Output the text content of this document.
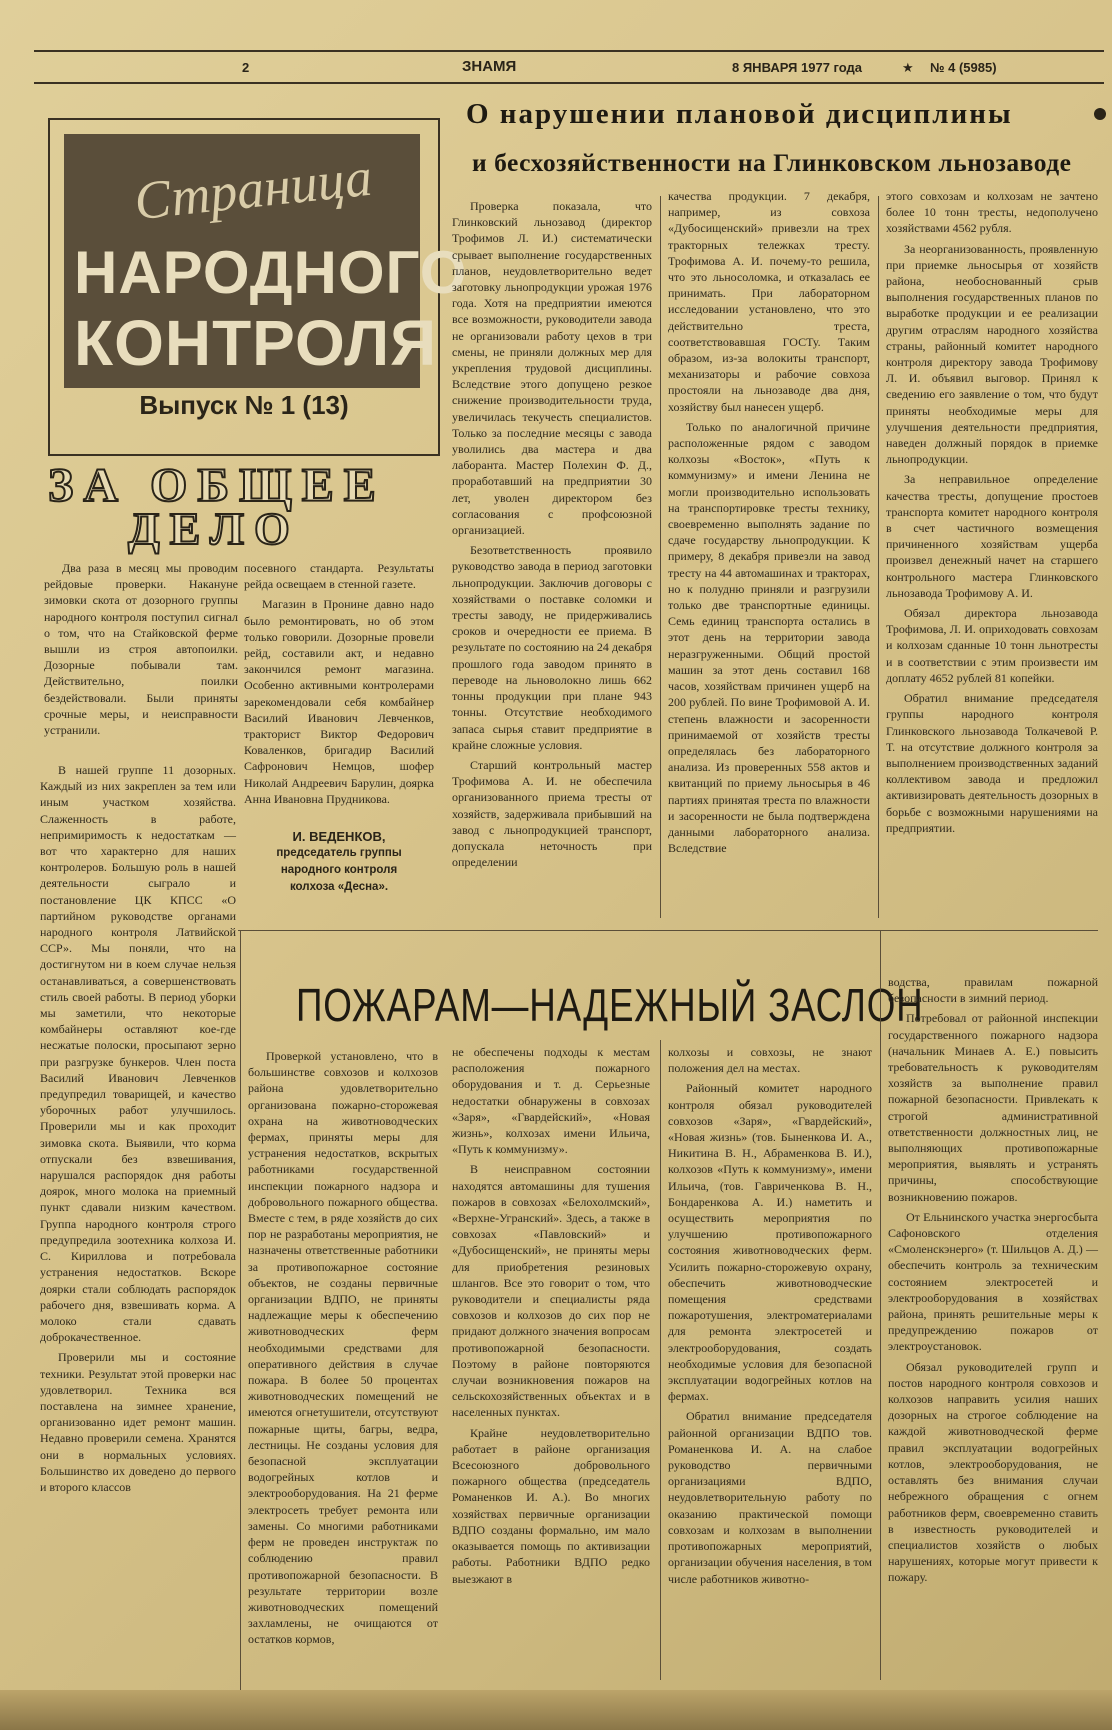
2	ЗНАМЯ	8 ЯНВАРЯ 1977 года	★ № 4 (5985)
Страница
НАРОДНОГО
КОНТРОЛЯ
Выпуск № 1 (13)
О нарушении плановой дисциплины
и бесхозяйственности на Глинковском льнозаводе

Проверка показала, что Глинковский льнозавод (директор Трофимов Л. И.) систематически срывает выполнение государственных планов, неудовлетворительно ведет заготовку льнопродукции урожая 1976 года. Хотя на предприятии имеются все возможности, руководители завода не организовали работу цехов в три смены, не приняли должных мер для укрепления трудовой дисциплины. Вследствие этого допущено резкое снижение производительности труда, увеличилась текучесть специалистов. Только за последние месяцы с завода уволились два мастера и два лаборанта. Мастер Полехин Ф. Д., проработавший на предприятии 30 лет, уволен директором без согласования с профсоюзной организацией.

Безответственность проявило руководство завода в период заготовки льнопродукции. Заключив договоры с хозяйствами о поставке соломки и тресты заводу, не придерживались сроков и очередности ее приема. В результате по состоянию на 24 декабря прошлого года заводом принято в переводе на льноволокно лишь 662 тонны продукции при плане 943 тонны. Отсутствие необходимого запаса сырья ставит предприятие в крайне сложные условия.

Старший контрольный мастер Трофимова А. И. не обеспечила организованного приема тресты от хозяйств, задерживала прибывший на завод с льнопродукцией транспорт, допускала неточность при определении

качества продукции. 7 декабря, например, из совхоза «Дубосищенский» привезли на трех тракторных тележках тресту. Трофимова А. И. почему-то решила, что это льносоломка, и отказалась ее принимать. При лабораторном исследовании установлено, что это действительно треста, соответствовавшая ГОСТу. Таким образом, из-за волокиты транспорт, механизаторы и рабочие совхоза простояли на льнозаводе два дня, хозяйству был нанесен ущерб.

Только по аналогичной причине расположенные рядом с заводом колхозы «Восток», «Путь к коммунизму» и имени Ленина не могли производительно использовать на транспортировке тресты технику, своевременно выполнять задание по сдаче государству льнопродукции. К примеру, 8 декабря привезли на завод тресту на 44 автомашинах и тракторах, но к полудню приняли и разгрузили только две транспортные единицы. Семь единиц транспорта остались в этот день на территории завода неразгруженными. Общий простой машин за этот день составил 168 часов, хозяйствам причинен ущерб на 200 рублей. По вине Трофимовой А. И. степень влажности и засоренности принимаемой от хозяйств тресты определялась без лабораторного анализа. Из проверенных 558 актов и квитанций по приему льносырья в 46 партиях принятая треста по влажности и засоренности не была подтверждена данными лабораторного анализа. Вследствие

этого совхозам и колхозам не зачтено более 10 тонн тресты, недополучено хозяйствами 4562 рубля.

За неорганизованность, проявленную при приемке льносырья от хозяйств района, необоснованный срыв выполнения государственных планов по выработке продукции и ее реализации другим отраслям народного хозяйства страны, районный комитет народного контроля директору завода Трофимову Л. И. объявил выговор. Принял к сведению его заявление о том, что будут приняты необходимые меры для улучшения деятельности предприятия, наведен должный порядок в приемке льнопродукции.

За неправильное определение качества тресты, допущение простоев транспорта комитет народного контроля в счет частичного возмещения причиненного хозяйствам ущерба произвел денежный начет на старшего контрольного мастера Глинковского льнозавода Трофимову А. И.

Обязал директора льнозавода Трофимова, Л. И. оприходовать совхозам и колхозам сданные 10 тонн льнотресты и в соответствии с этим произвести им доплату 4652 рублей 81 копейки.

Обратил внимание председателя группы народного контроля Глинковского льнозавода Толкачевой Р. Т. на отсутствие должного контроля за выполнением производственных заданий коллективом завода и предложил активизировать деятельность дозорных в борьбе с возможными нарушениями на предприятии.

ЗА ОБЩЕЕ
ДЕЛО

Два раза в месяц мы проводим рейдовые проверки. Накануне зимовки скота от дозорного группы народного контроля поступил сигнал о том, что на Стайковской ферме вышли из строя автопоилки. Дозорные побывали там. Действительно, поилки бездействовали. Были приняты срочные меры, и неисправности устранили.

посевного стандарта. Результаты рейда освещаем в стенной газете.

Магазин в Пронине давно надо было ремонтировать, но об этом только говорили. Дозорные провели рейд, составили акт, и недавно закончился ремонт магазина. Особенно активными контролерами зарекомендовали себя комбайнер Василий Иванович Левченков, тракторист Виктор Федорович Коваленков, бригадир Василий Сафронович Немцов, шофер Николай Андреевич Барулин, доярка Анна Ивановна Прудникова.

И. ВЕДЕНКОВ,
председатель группы
народного контроля
колхоза «Десна».

В нашей группе 11 дозорных. Каждый из них закреплен за тем или иным участком хозяйства. Слаженность в работе, непримиримость к недостаткам — вот что характерно для наших контролеров. Большую роль в нашей деятельности сыграло и постановление ЦК КПСС «О партийном руководстве органами народного контроля Латвийской ССР». Мы поняли, что на достигнутом ни в коем случае нельзя останавливаться, а совершенствовать стиль своей работы. В период уборки мы заметили, что некоторые комбайнеры оставляют кое-где несжатые полоски, просыпают зерно при разгрузке бункеров. Член поста Василий Иванович Левченков предупредил товарищей, и качество уборочных работ улучшилось. Проверили мы и как проходит зимовка скота. Выявили, что корма отпускали без взвешивания, нарушался распорядок дня работы доярок, много молока на приемный пункт сдавали низким качеством. Группа народного контроля строго предупредила зоотехника колхоза И. С. Кириллова и потребовала устранения недостатков. Вскоре доярки стали соблюдать распорядок рабочего дня, взвешивать корма. А молоко стали сдавать доброкачественное.

Проверили мы и состояние техники. Результат этой проверки нас удовлетворил. Техника вся поставлена на зимнее хранение, организованно идет ремонт машин. Недавно проверили семена. Хранятся они в нормальных условиях. Большинство их доведено до первого и второго классов

ПОЖАРАМ—НАДЕЖНЫЙ ЗАСЛОН

Проверкой установлено, что в большинстве совхозов и колхозов района удовлетворительно организована пожарно-сторожевая охрана на животноводческих фермах, приняты меры для устранения недостатков, вскрытых работниками государственной инспекции пожарного надзора и добровольного пожарного общества. Вместе с тем, в ряде хозяйств до сих пор не разработаны мероприятия, не назначены ответственные работники за противопожарное состояние объектов, не созданы первичные организации ВДПО, не приняты надлежащие меры к обеспечению животноводческих ферм необходимыми средствами для оперативного действия в случае пожара. В более 50 процентах животноводческих помещений не имеются огнетушители, отсутствуют пожарные щиты, багры, ведра, лестницы. Не созданы условия для безопасной эксплуатации водогрейных котлов и электрооборудования. На 21 ферме электросеть требует ремонта или замены. Со многими работниками ферм не проведен инструктаж по соблюдению правил противопожарной безопасности. В результате территории возле животноводческих помещений захламлены, не очищаются от остатков кормов,

не обеспечены подходы к местам расположения пожарного оборудования и т. д. Серьезные недостатки обнаружены в совхозах «Заря», «Гвардейский», «Новая жизнь», колхозах имени Ильича, «Путь к коммунизму».

В неисправном состоянии находятся автомашины для тушения пожаров в совхозах «Белохолмский», «Верхне-Угранский». Здесь, а также в совхозах «Павловский» и «Дубосищенский», не приняты меры для приобретения резиновых шлангов. Все это говорит о том, что руководители и специалисты ряда совхозов и колхозов до сих пор не придают должного значения вопросам противопожарной безопасности. Поэтому в районе повторяются случаи возникновения пожаров на сельскохозяйственных объектах и в населенных пунктах.

Крайне неудовлетворительно работает в районе организация Всесоюзного добровольного пожарного общества (председатель Романенков И. А.). Во многих хозяйствах первичные организации ВДПО созданы формально, им мало оказывается помощь по активизации работы. Работники ВДПО редко выезжают в

колхозы и совхозы, не знают положения дел на местах.

Районный комитет народного контроля обязал руководителей совхозов «Заря», «Гвардейский», «Новая жизнь» (тов. Быненкова И. А., Никитина В. Н., Абраменкова В. И.), колхозов «Путь к коммунизму», имени Ильича, (тов. Гавриченкова В. Н., Бондаренкова А. И.) наметить и осуществить мероприятия по улучшению противопожарного состояния животноводческих ферм. Усилить пожарно-сторожевую охрану, обеспечить животноводческие помещения средствами пожаротушения, электроматериалами для ремонта электросетей и электрооборудования, создать необходимые условия для безопасной эксплуатации водогрейных котлов на фермах.

Обратил внимание председателя районной организации ВДПО тов. Романенкова И. А. на слабое руководство первичными организациями ВДПО, неудовлетворительную работу по оказанию практической помощи совхозам и колхозам в выполнении противопожарных мероприятий, организации обучения населения, в том числе работников животно-

водства, правилам пожарной безопасности в зимний период.

Потребовал от районной инспекции государственного пожарного надзора (начальник Минаев А. Е.) повысить требовательность к руководителям хозяйств за выполнение правил пожарной безопасности. Привлекать к строгой административной ответственности должностных лиц, не выполняющих противопожарные мероприятия, выявлять и устранять причины, способствующие возникновению пожаров.

От Ельнинского участка энергосбыта Сафоновского отделения «Смоленскэнерго» (т. Шильцов А. Д.) — обеспечить контроль за техническим состоянием электросетей и электрооборудования в хозяйствах района, принять решительные меры к предупреждению пожаров от электроустановок.

Обязал руководителей групп и постов народного контроля совхозов и колхозов направить усилия наших дозорных на строгое соблюдение на каждой животноводческой ферме правил эксплуатации водогрейных котлов, электрооборудования, не оставлять без внимания случаи небрежного обращения с огнем работников ферм, своевременно ставить в известность руководителей и специалистов хозяйств о любых нарушениях, которые могут привести к пожару.
